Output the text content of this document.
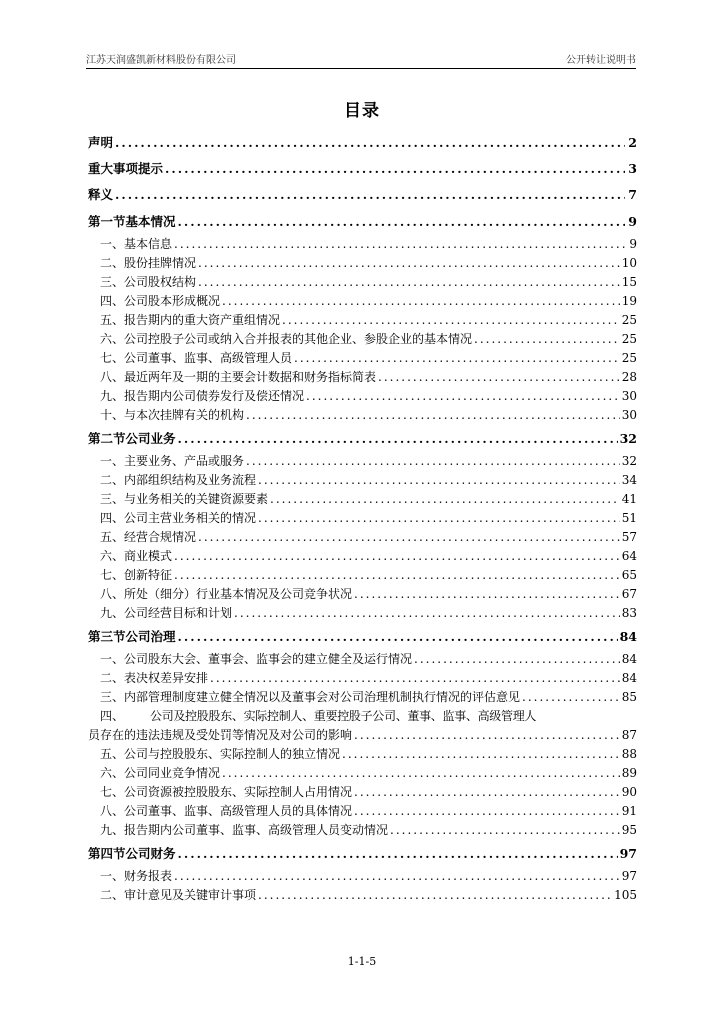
江苏天润盛凯新材料股份有限公司	公开转让说明书
目录
声明 .....	2
重大事项提示 .....	3
释义 .....	7
第一节 基本情况 .....	9
一、 基本信息 .....	9
二、 股份挂牌情况 .....	10
三、 公司股权结构 .....	15
四、 公司股本形成概况 .....	19
五、 报告期内的重大资产重组情况 .....	25
六、 公司控股子公司或纳入合并报表的其他企业、参股企业的基本情况 .....	25
七、 公司董事、监事、高级管理人员 .....	25
八、 最近两年及一期的主要会计数据和财务指标简表 .....	28
九、 报告期内公司债券发行及偿还情况 .....	30
十、 与本次挂牌有关的机构 .....	30
第二节 公司业务 .....	32
一、 主要业务、产品或服务 .....	32
二、 内部组织结构及业务流程 .....	34
三、 与业务相关的关键资源要素 .....	41
四、 公司主营业务相关的情况 .....	51
五、 经营合规情况 .....	57
六、 商业模式 .....	64
七、 创新特征 .....	65
八、 所处（细分）行业基本情况及公司竞争状况 .....	67
九、 公司经营目标和计划 .....	83
第三节 公司治理 .....	84
一、 公司股东大会、董事会、监事会的建立健全及运行情况 .....	84
二、 表决权差异安排 .....	84
三、 内部管理制度建立健全情况以及董事会对公司治理机制执行情况的评估意见 .....	85
四、	公司及控股股东、实际控制人、重要控股子公司、董事、监事、高级管理人
员存在的违法违规及受处罚等情况及对公司的影响 .....	87
五、 公司与控股股东、实际控制人的独立情况 .....	88
六、 公司同业竞争情况 .....	89
七、 公司资源被控股股东、实际控制人占用情况 .....	90
八、 公司董事、监事、高级管理人员的具体情况 .....	91
九、 报告期内公司董事、监事、高级管理人员变动情况 .....	95
第四节 公司财务 .....	97
一、 财务报表 .....	97
二、 审计意见及关键审计事项 .....	105
1-1-5
